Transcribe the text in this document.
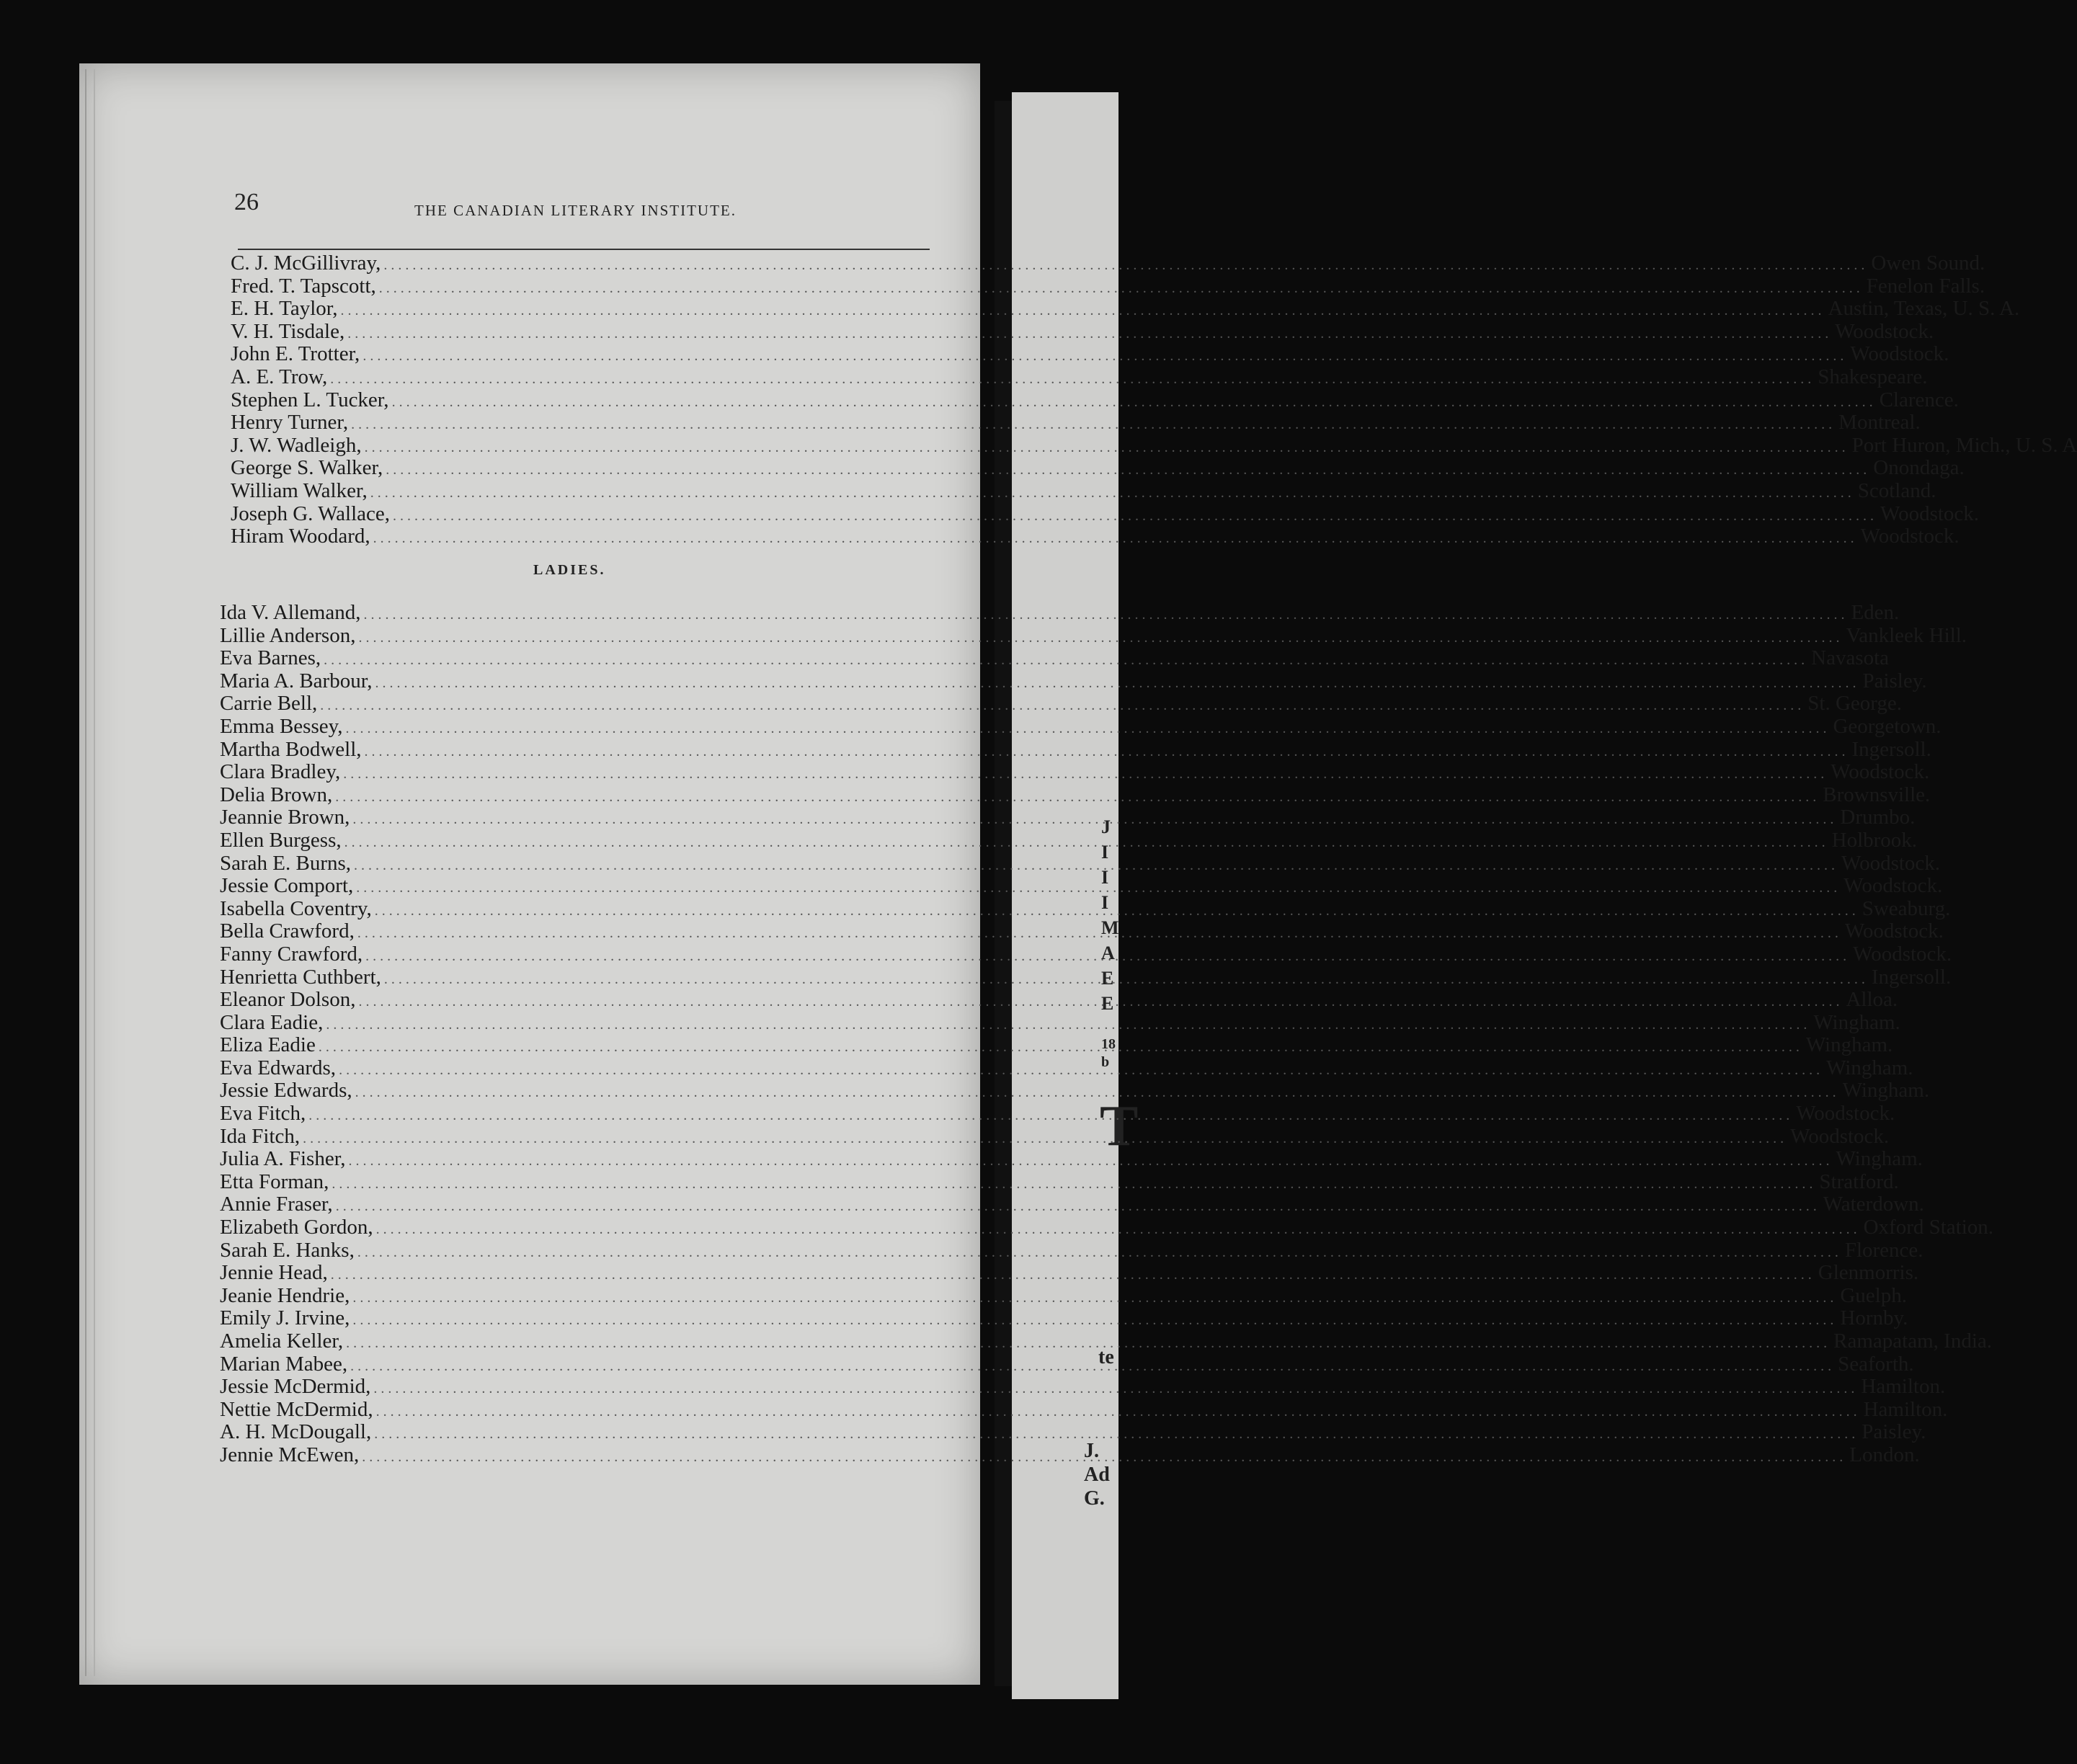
J
I
I
I
M
A
E
E
18
b
T
te
J.
Ad
G.
26	THE CANADIAN LITERARY INSTITUTE.
C. J. McGillivray, .....	Owen Sound.
Fred. T. Tapscott, .....	Fenelon Falls.
E. H. Taylor, .....	Austin, Texas, U. S. A.
V. H. Tisdale, .....	Woodstock.
John E. Trotter, .....	Woodstock.
A. E. Trow, .....	Shakespeare.
Stephen L. Tucker, .....	Clarence.
Henry Turner, .....	Montreal.
J. W. Wadleigh, .....	Port Huron, Mich., U. S. A
George S. Walker, .....	Onondaga.
William Walker, .....	Scotland.
Joseph G. Wallace, .....	Woodstock.
Hiram Woodard, .....	Woodstock.
LADIES.
Ida V. Allemand, .....	Eden.
Lillie Anderson, .....	Vankleek Hill.
Eva Barnes, .....	Navasota
Maria A. Barbour, .....	Paisley.
Carrie Bell, .....	St. George.
Emma Bessey, .....	Georgetown.
Martha Bodwell, .....	Ingersoll.
Clara Bradley, .....	Woodstock.
Delia Brown, .....	Brownsville.
Jeannie Brown, .....	Drumbo.
Ellen Burgess, .....	Holbrook.
Sarah E. Burns, .....	Woodstock.
Jessie Comport, .....	Woodstock.
Isabella Coventry, .....	Sweaburg.
Bella Crawford, .....	Woodstock.
Fanny Crawford, .....	Woodstock.
Henrietta Cuthbert, .....	Ingersoll.
Eleanor Dolson, .....	Alloa.
Clara Eadie, .....	Wingham.
Eliza Eadie .....	Wingham.
Eva Edwards, .....	Wingham.
Jessie Edwards, .....	Wingham.
Eva Fitch, .....	Woodstock.
Ida Fitch, .....	Woodstock.
Julia A. Fisher, .....	Wingham.
Etta Forman, .....	Stratford.
Annie Fraser, .....	Waterdown.
Elizabeth Gordon, .....	Oxford Station.
Sarah E. Hanks, .....	Florence.
Jennie Head, .....	Glenmorris.
Jeanie Hendrie, .....	Guelph.
Emily J. Irvine, .....	Hornby.
Amelia Keller, .....	Ramapatam, India.
Marian Mabee, .....	Seaforth.
Jessie McDermid, .....	Hamilton.
Nettie McDermid, .....	Hamilton.
A. H. McDougall, .....	Paisley.
Jennie McEwen, .....	London.
